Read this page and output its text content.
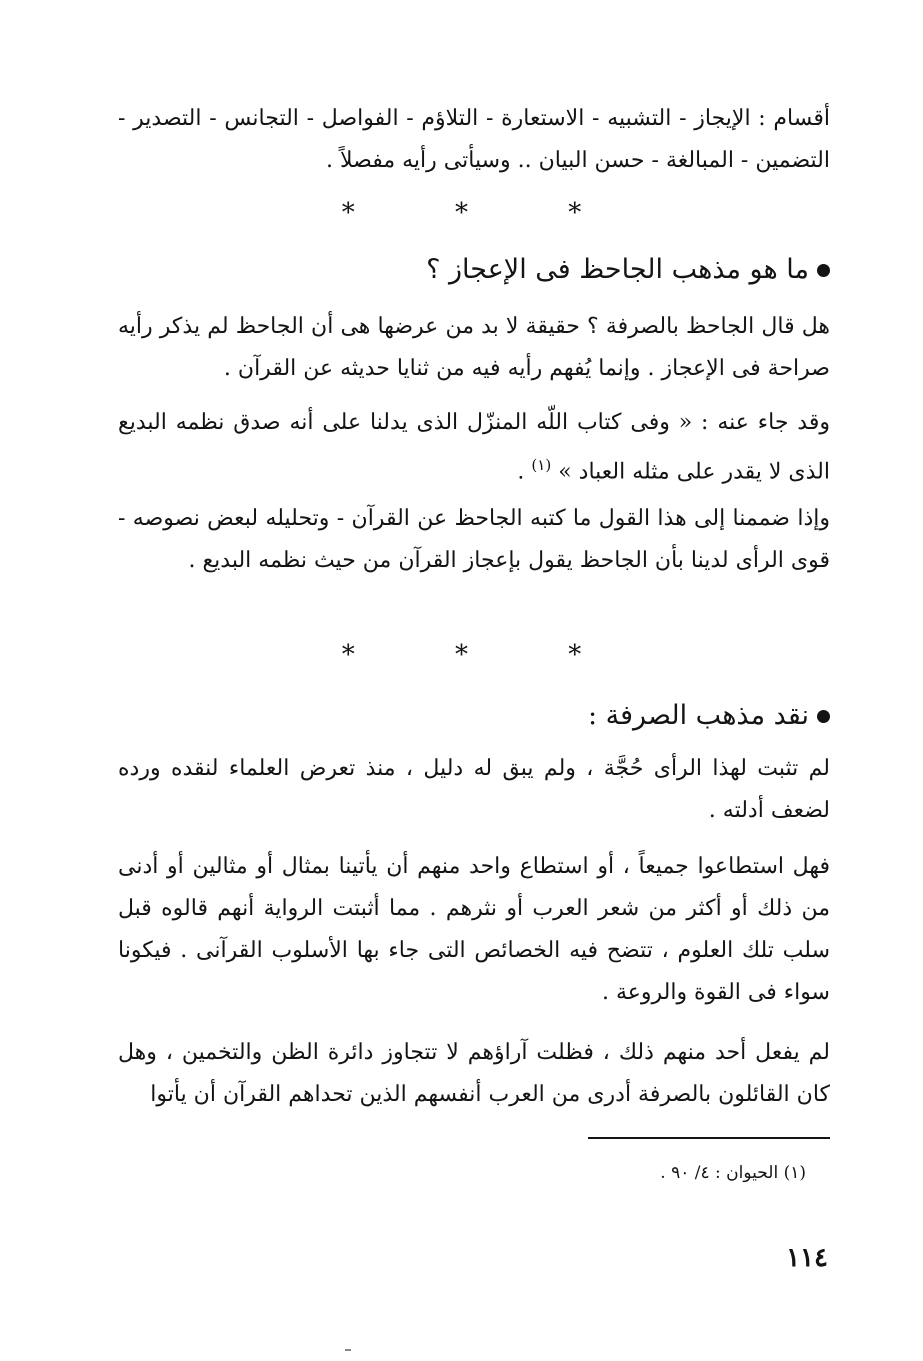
أقسام : الإيجاز - التشبيه - الاستعارة - التلاؤم - الفواصل - التجانس - التصدير - التضمين - المبالغة - حسن البيان .. وسيأتى رأيه مفصلاً .

* * *
ما هو مذهب الجاحظ فى الإعجاز ؟

هل قال الجاحظ بالصرفة ؟ حقيقة لا بد من عرضها هى أن الجاحظ لم يذكر رأيه صراحة فى الإعجاز . وإنما يُفهم رأيه فيه من ثنايا حديثه عن القرآن .

وقد جاء عنه : « وفى كتاب اللّه المنزّل الذى يدلنا على أنه صدق نظمه البديع الذى لا يقدر على مثله العباد » $^{(١)}$ .

وإذا ضممنا إلى هذا القول ما كتبه الجاحظ عن القرآن - وتحليله لبعض نصوصه - قوى الرأى لدينا بأن الجاحظ يقول بإعجاز القرآن من حيث نظمه البديع .

* * *
نقد مذهب الصرفة :

لم تثبت لهذا الرأى حُجَّة ، ولم يبق له دليل ، منذ تعرض العلماء لنقده ورده لضعف أدلته .

فهل استطاعوا جميعاً ، أو استطاع واحد منهم أن يأتينا بمثال أو مثالين أو أدنى من ذلك أو أكثر من شعر العرب أو نثرهم . مما أثبتت الرواية أنهم قالوه قبل سلب تلك العلوم ، تتضح فيه الخصائص التى جاء بها الأسلوب القرآنى . فيكونا سواء فى القوة والروعة .

لم يفعل أحد منهم ذلك ، فظلت آراؤهم لا تتجاوز دائرة الظن والتخمين ، وهل كان القائلون بالصرفة أدرى من العرب أنفسهم الذين تحداهم القرآن أن يأتوا

(١) الحيوان : ٤/ ٩٠ .
١١٤
